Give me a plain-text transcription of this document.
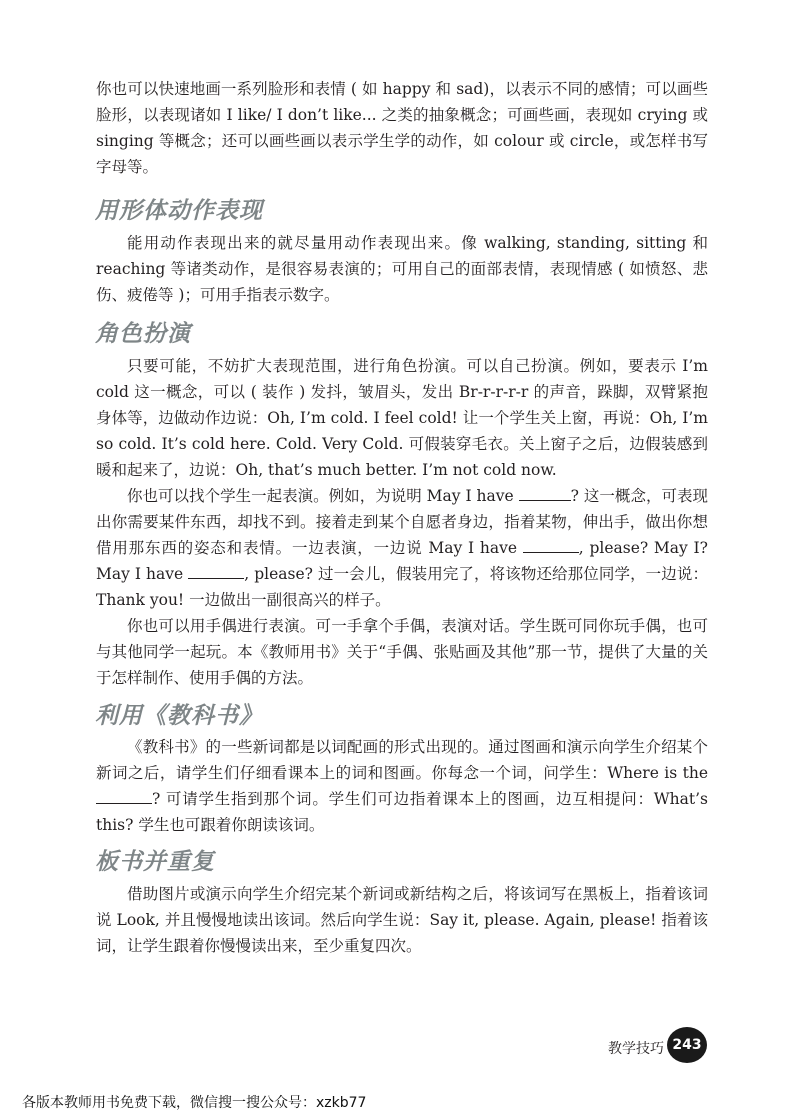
你也可以快速地画一系列脸形和表情 ( 如 happy 和 sad)，以表示不同的感情；可以画些脸形，以表现诸如 I like/ I don’t like... 之类的抽象概念；可画些画，表现如 crying 或 singing 等概念；还可以画些画以表示学生学的动作，如 colour 或 circle，或怎样书写字母等。

用形体动作表现

能用动作表现出来的就尽量用动作表现出来。像 walking, standing, sitting 和 reaching 等诸类动作，是很容易表演的；可用自己的面部表情，表现情感 ( 如愤怒、悲伤、疲倦等 )；可用手指表示数字。

角色扮演

只要可能，不妨扩大表现范围，进行角色扮演。可以自己扮演。例如，要表示 I’m cold 这一概念，可以 ( 装作 ) 发抖，皱眉头，发出 Br-r-r-r-r 的声音，跺脚，双臂紧抱身体等，边做动作边说：Oh, I’m cold. I feel cold! 让一个学生关上窗，再说：Oh, I’m so cold. It’s cold here. Cold. Very Cold. 可假装穿毛衣。关上窗子之后，边假装感到暖和起来了，边说：Oh, that’s much better. I’m not cold now.

你也可以找个学生一起表演。例如，为说明 May I have	? 这一概念，可表现出你需要某件东西，却找不到。接着走到某个自愿者身边，指着某物，伸出手，做出你想借用那东西的姿态和表情。一边表演，一边说 May I have	, please? May I? May I have	, please? 过一会儿，假装用完了，将该物还给那位同学，一边说：Thank you! 一边做出一副很高兴的样子。

你也可以用手偶进行表演。可一手拿个手偶，表演对话。学生既可同你玩手偶，也可与其他同学一起玩。本《教师用书》关于“手偶、张贴画及其他”那一节，提供了大量的关于怎样制作、使用手偶的方法。

利用《教科书》

《教科书》的一些新词都是以词配画的形式出现的。通过图画和演示向学生介绍某个新词之后，请学生们仔细看课本上的词和图画。你每念一个词，问学生：Where is the ? 可请学生指到那个词。学生们可边指着课本上的图画，边互相提问：What’s this? 学生也可跟着你朗读该词。

板书并重复

借助图片或演示向学生介绍完某个新词或新结构之后，将该词写在黑板上，指着该词说 Look, 并且慢慢地读出该词。然后向学生说：Say it, please. Again, please! 指着该词，让学生跟着你慢慢读出来，至少重复四次。

教学技巧 243
各版本教师用书免费下载，微信搜一搜公众号：xzkb77
